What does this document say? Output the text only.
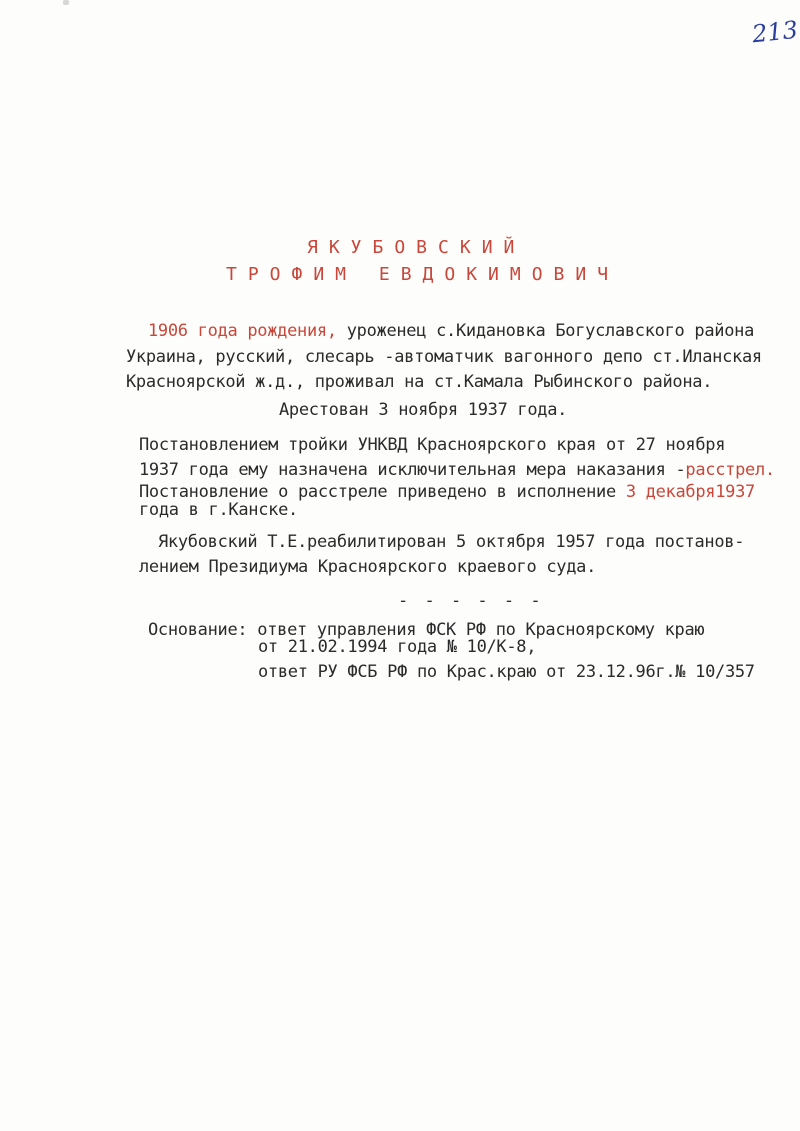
213
ЯКУБОВСКИЙ
ТРОФИМ ЕВДОКИМОВИЧ
1906 года рождения, уроженец с.Кидановка Богуславского района
Украина, русский, слесарь -автоматчик вагонного депо ст.Иланская
Красноярской ж.д., проживал на ст.Камала Рыбинского района.
Арестован 3 ноября 1937 года.
Постановлением тройки УНКВД Красноярского края от 27 ноября
1937 года ему назначена исключительная мера наказания -расстрел.
Постановление о расстреле приведено в исполнение 3 декабря1937
года в г.Канске.
Якубовский Т.Е.реабилитирован 5 октября 1957 года постанов-
лением Президиума Красноярского краевого суда.
- - - - - -
Основание: ответ управления ФСК РФ по Красноярскому краю
от 21.02.1994 года № 10/К-8,
ответ РУ ФСБ РФ по Крас.краю от 23.12.96г.№ 10/357
